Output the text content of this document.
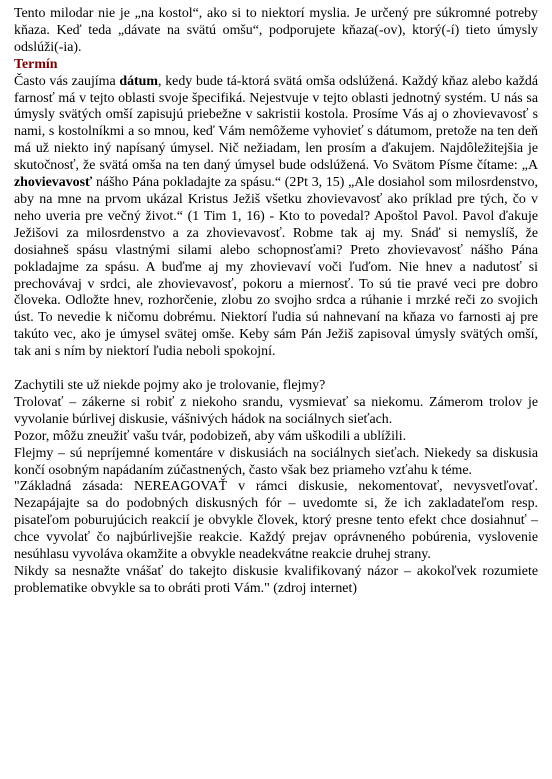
Tento milodar nie je „na kostol“, ako si to niektorí myslia. Je určený pre súkromné potreby kňaza. Keď teda „dávate na svätú omšu“, podporujete kňaza(-ov), ktorý(-í) tieto úmysly odslúži(-ia).

Termín

Často vás zaujíma dátum, kedy bude tá-ktorá svätá omša odslúžená. Každý kňaz alebo každá farnosť má v tejto oblasti svoje špecifiká. Nejestvuje v tejto oblasti jednotný systém. U nás sa úmysly svätých omší zapisujú priebežne v sakristii kostola. Prosíme Vás aj o zhovievavosť s nami, s kostolníkmi a so mnou, keď Vám nemôžeme vyhovieť s dátumom, pretože na ten deň má už niekto iný napísaný úmysel. Nič nežiadam, len prosím a ďakujem. Najdôležitejšia je skutočnosť, že svätá omša na ten daný úmysel bude odslúžená. Vo Svätom Písme čítame: „A zhovievavosť nášho Pána pokladajte za spásu.“ (2Pt 3, 15) „Ale dosiahol som milosrdenstvo, aby na mne na prvom ukázal Kristus Ježiš všetku zhovievavosť ako príklad pre tých, čo v neho uveria pre večný život.“ (1 Tim 1, 16) - Kto to povedal? Apoštol Pavol. Pavol ďakuje Ježišovi za milosrdenstvo a za zhovievavosť. Robme tak aj my. Snáď si nemyslíš, že dosiahneš spásu vlastnými silami alebo schopnosťami? Preto zhovievavosť nášho Pána pokladajme za spásu. A buďme aj my zhovievaví voči ľuďom. Nie hnev a nadutosť si prechovávaj v srdci, ale zhovievavosť, pokoru a miernosť. To sú tie pravé veci pre dobro človeka. Odložte hnev, rozhorčenie, zlobu zo svojho srdca a rúhanie i mrzké reči zo svojich úst. To nevedie k ničomu dobrému. Niektorí ľudia sú nahnevaní na kňaza vo farnosti aj pre takúto vec, ako je úmysel svätej omše. Keby sám Pán Ježiš zapisoval úmysly svätých omší, tak ani s ním by niektorí ľudia neboli spokojní.

Zachytili ste už niekde pojmy ako je trolovanie, flejmy?

Trolovať – zákerne si robiť z niekoho srandu, vysmievať sa niekomu. Zámerom trolov je vyvolanie búrlivej diskusie, vášnivých hádok na sociálnych sieťach.

Pozor, môžu zneužiť vašu tvár, podobizeň, aby vám uškodili a ublížili.

Flejmy – sú nepríjemné komentáre v diskusiách na sociálnych sieťach. Niekedy sa diskusia končí osobným napádaním zúčastnených, často však bez priameho vzťahu k téme.

"Základná zásada: NEREAGOVAŤ v rámci diskusie, nekomentovať, nevysvetľovať. Nezapájajte sa do podobných diskusných fór – uvedomte si, že ich zakladateľom resp. pisateľom poburujúcich reakcií je obvykle človek, ktorý presne tento efekt chce dosiahnuť – chce vyvolať čo najbúrlivejšie reakcie. Každý prejav oprávneného pobúrenia, vyslovenie nesúhlasu vyvoláva okamžite a obvykle neadekvátne reakcie druhej strany.

Nikdy sa nesnažte vnášať do takejto diskusie kvalifikovaný názor – akokoľvek rozumiete problematike obvykle sa to obráti proti Vám." (zdroj internet)
